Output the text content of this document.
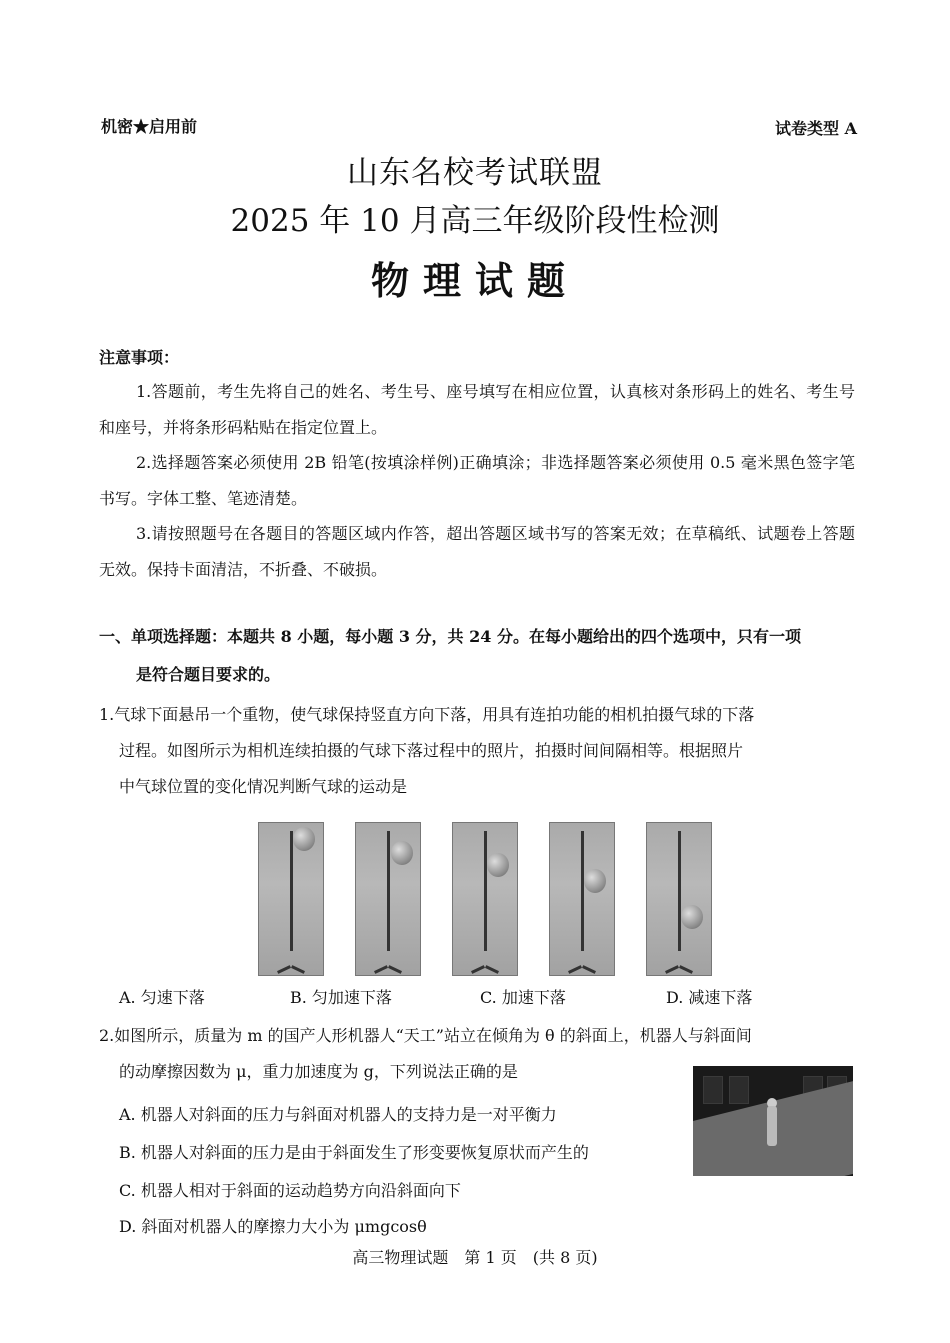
机密★启用前	试卷类型 A
山东名校考试联盟
2025 年 10 月高三年级阶段性检测
物理试题
注意事项：
1.答题前，考生先将自己的姓名、考生号、座号填写在相应位置，认真核对条形码上的姓名、考生号和座号，并将条形码粘贴在指定位置上。
2.选择题答案必须使用 2B 铅笔(按填涂样例)正确填涂；非选择题答案必须使用 0.5 毫米黑色签字笔书写。字体工整、笔迹清楚。
3.请按照题号在各题目的答题区域内作答，超出答题区域书写的答案无效；在草稿纸、试题卷上答题无效。保持卡面清洁，不折叠、不破损。
一、单项选择题：本题共 8 小题，每小题 3 分，共 24 分。在每小题给出的四个选项中，只有一项
是符合题目要求的。
1.气球下面悬吊一个重物，使气球保持竖直方向下落，用具有连拍功能的相机拍摄气球的下落
过程。如图所示为相机连续拍摄的气球下落过程中的照片，拍摄时间间隔相等。根据照片
中气球位置的变化情况判断气球的运动是
A. 匀速下落	B. 匀加速下落	C. 加速下落	D. 减速下落
2.如图所示，质量为 m 的国产人形机器人“天工”站立在倾角为 θ 的斜面上，机器人与斜面间
的动摩擦因数为 μ，重力加速度为 g，下列说法正确的是
A. 机器人对斜面的压力与斜面对机器人的支持力是一对平衡力
B. 机器人对斜面的压力是由于斜面发生了形变要恢复原状而产生的
C. 机器人相对于斜面的运动趋势方向沿斜面向下
D. 斜面对机器人的摩擦力大小为 μmgcosθ
高三物理试题　第 1 页　(共 8 页)
